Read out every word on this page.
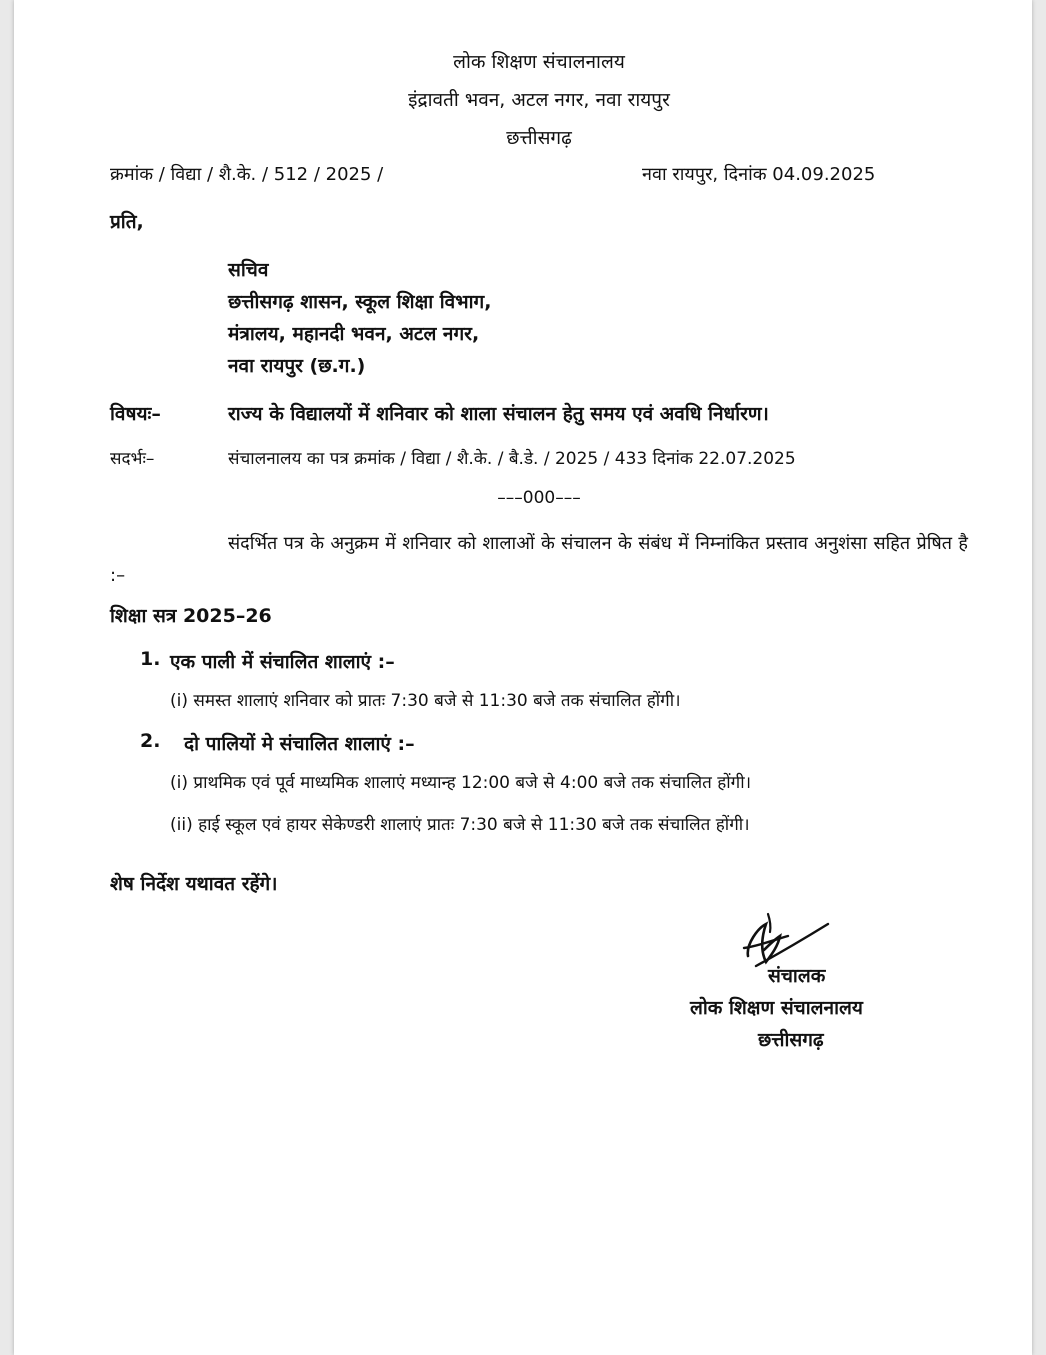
लोक शिक्षण संचालनालय
इंद्रावती भवन, अटल नगर, नवा रायपुर
छत्तीसगढ़
क्रमांक / विद्या / शै.के. / 512 / 2025 /	नवा रायपुर, दिनांक 04.09.2025
प्रति,
सचिव
छत्तीसगढ़ शासन, स्कूल शिक्षा विभाग,
मंत्रालय, महानदी भवन, अटल नगर,
नवा रायपुर (छ.ग.)
विषयः–	राज्य के विद्यालयों में शनिवार को शाला संचालन हेतु समय एवं अवधि निर्धारण।
सदर्भः–	संचालनालय का पत्र क्रमांक / विद्या / शै.के. / बै.डे. / 2025 / 433 दिनांक 22.07.2025
–––000–––
संदर्भित पत्र के अनुक्रम में शनिवार को शालाओं के संचालन के संबंध में निम्नांकित प्रस्ताव अनुशंसा सहित प्रेषित है :–
शिक्षा सत्र 2025–26
1. एक पाली में संचालित शालाएं :–
(i) समस्त शालाएं शनिवार को प्रातः 7:30 बजे से 11:30 बजे तक संचालित होंगी।
2. दो पालियों मे संचालित शालाएं :–
(i) प्राथमिक एवं पूर्व माध्यमिक शालाएं मध्यान्ह 12:00 बजे से 4:00 बजे तक संचालित होंगी।
(ii) हाई स्कूल एवं हायर सेकेण्डरी शालाएं प्रातः 7:30 बजे से 11:30 बजे तक संचालित होंगी।
शेष निर्देश यथावत रहेंगे।
संचालक
लोक शिक्षण संचालनालय
छत्तीसगढ़
